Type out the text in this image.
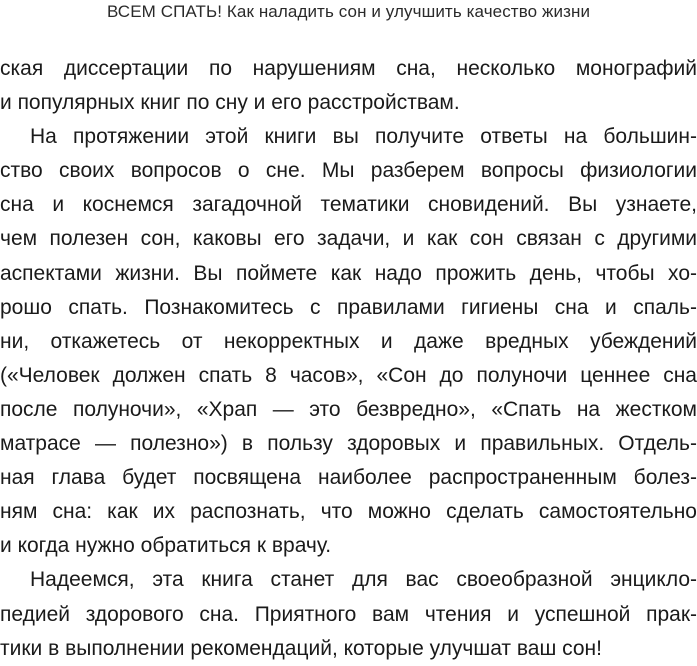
ВСЕМ СПАТЬ! Как наладить сон и улучшить качество жизни
ская диссертации по нарушениям сна, несколько монографий
и популярных книг по сну и его расстройствам.
На протяжении этой книги вы получите ответы на большин-
ство своих вопросов о сне. Мы разберем вопросы физиологии
сна и коснемся загадочной тематики сновидений. Вы узнаете,
чем полезен сон, каковы его задачи, и как сон связан с другими
аспектами жизни. Вы поймете как надо прожить день, чтобы хо-
рошо спать. Познакомитесь с правилами гигиены сна и спаль-
ни, откажетесь от некорректных и даже вредных убеждений
(«Человек должен спать 8 часов», «Сон до полуночи ценнее сна
после полуночи», «Храп — это безвредно», «Спать на жестком
матрасе — полезно») в пользу здоровых и правильных. Отдель-
ная глава будет посвящена наиболее распространенным болез-
ням сна: как их распознать, что можно сделать самостоятельно
и когда нужно обратиться к врачу.
Надеемся, эта книга станет для вас своеобразной энцикло-
педией здорового сна. Приятного вам чтения и успешной прак-
тики в выполнении рекомендаций, которые улучшат ваш сон!
